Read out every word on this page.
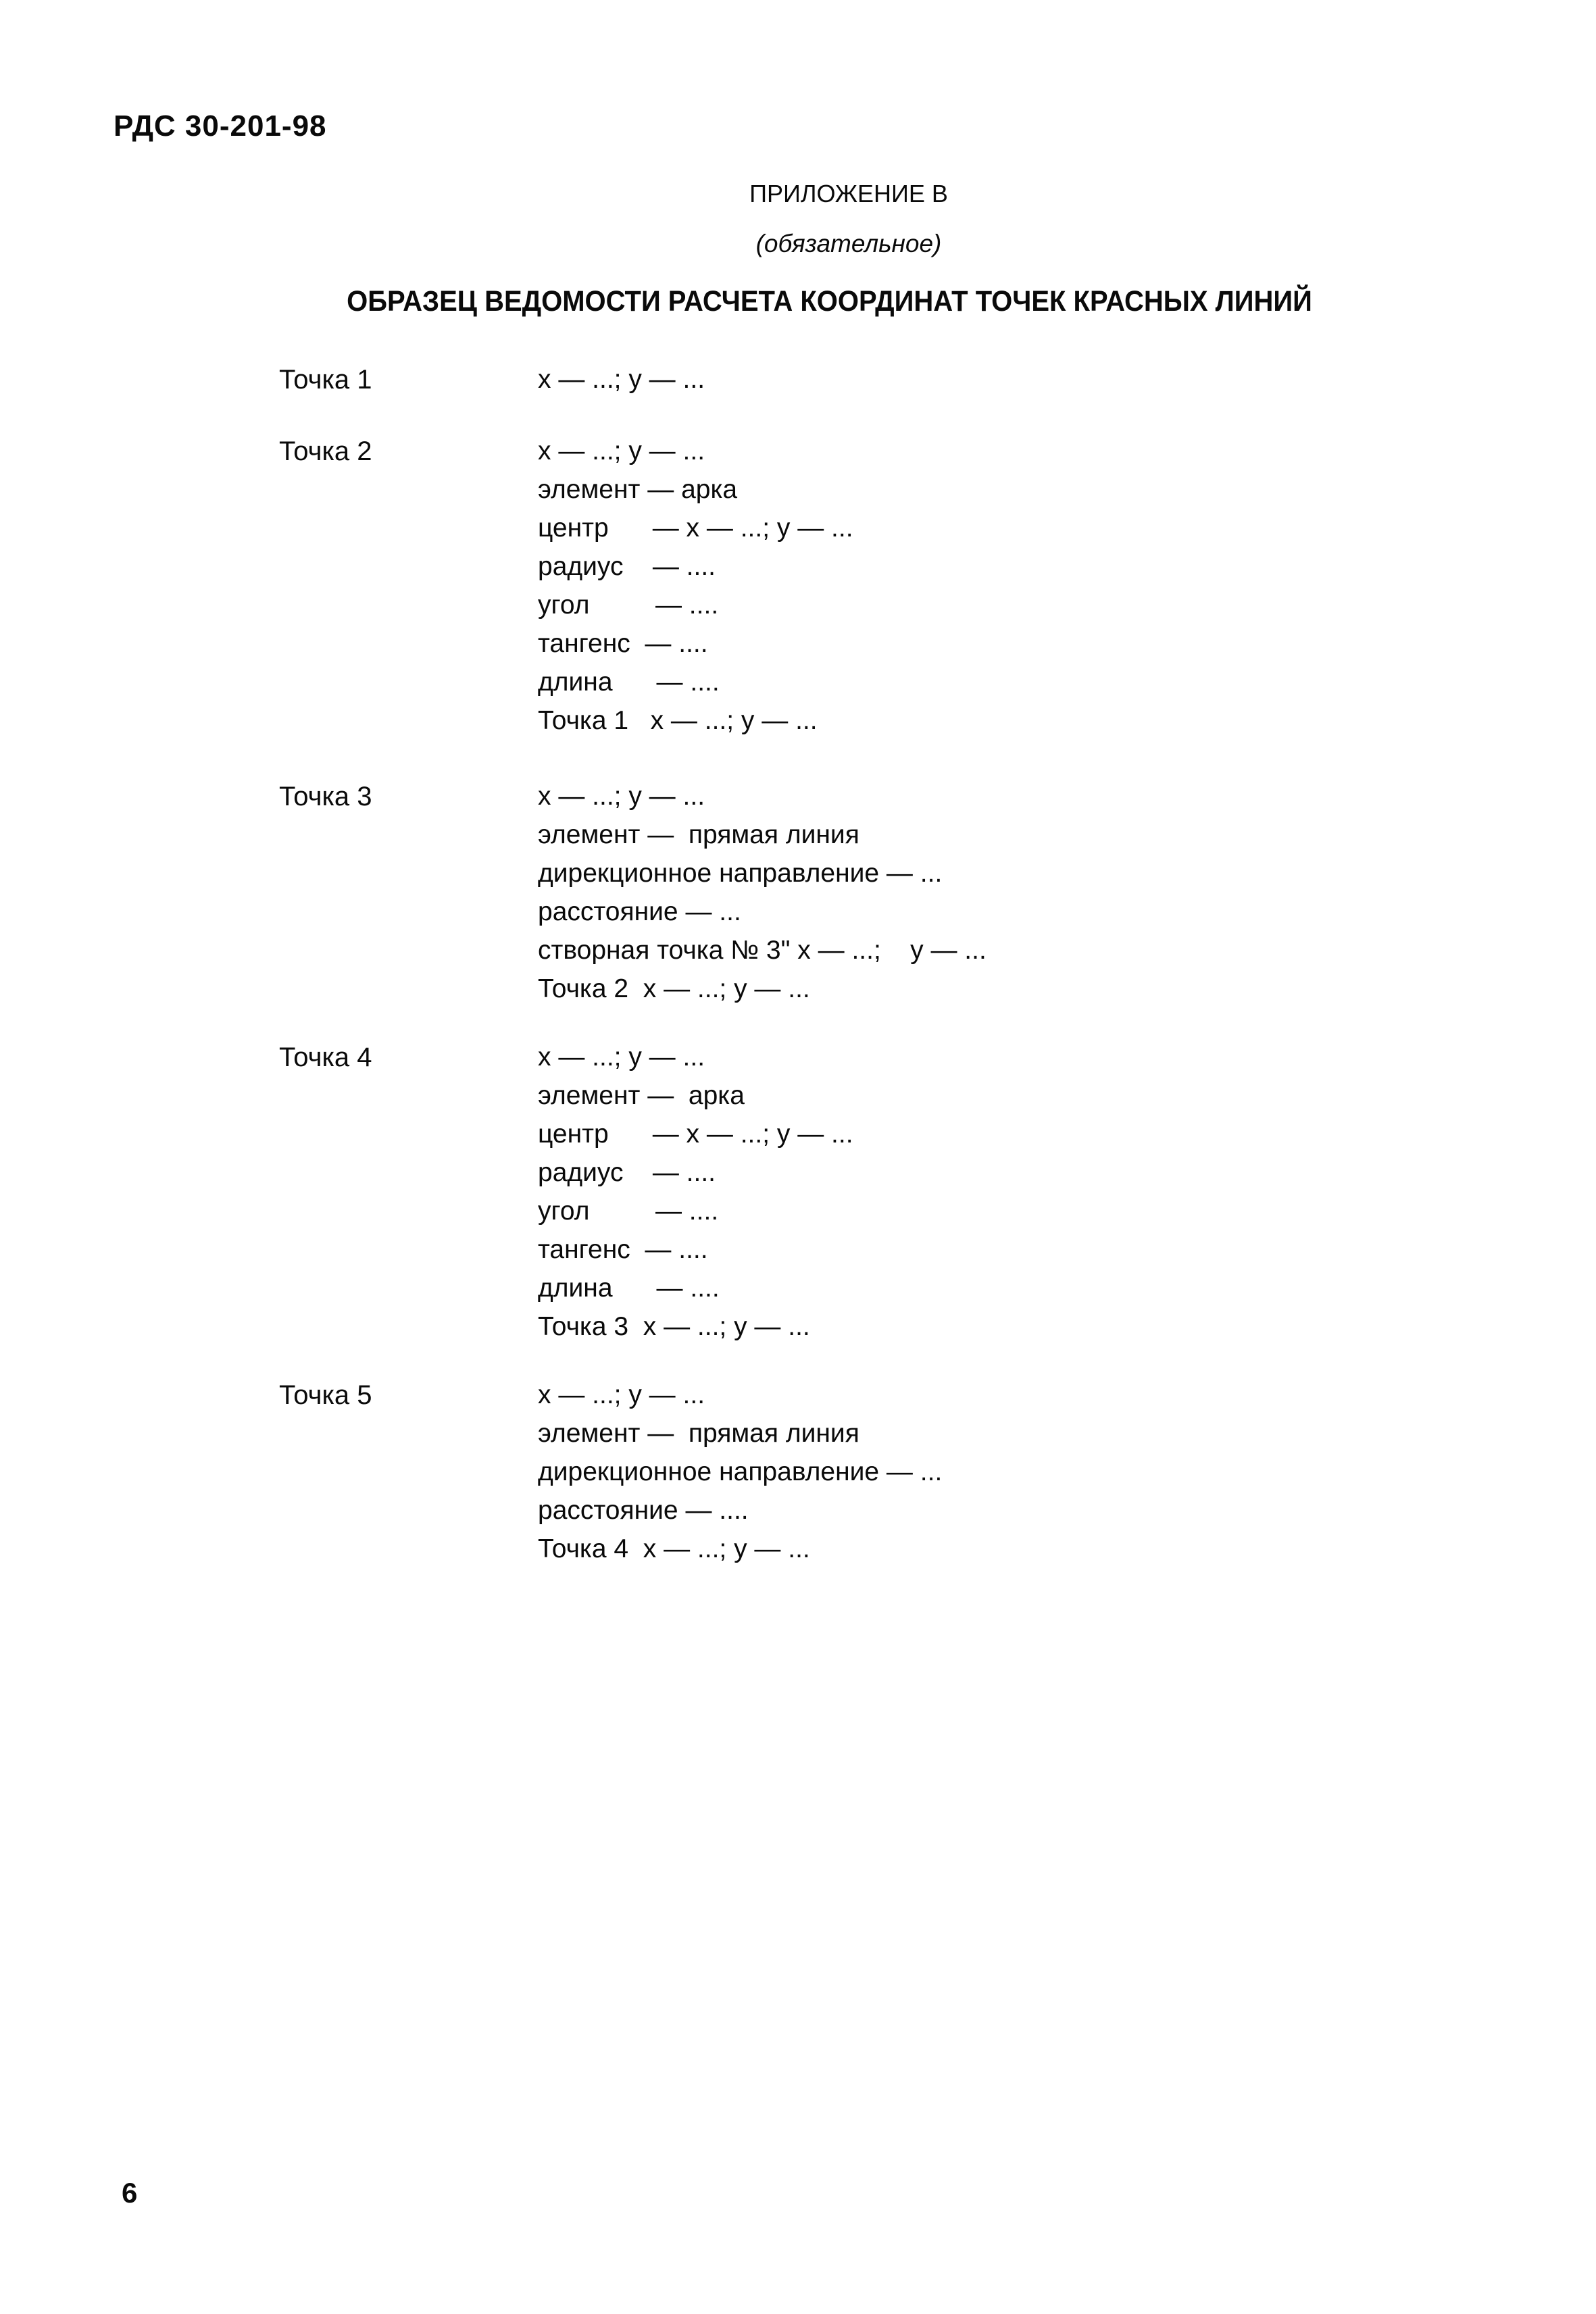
РДС 30-201-98
ПРИЛОЖЕНИЕ В
(обязательное)
ОБРАЗЕЦ ВЕДОМОСТИ РАСЧЕТА КООРДИНАТ ТОЧЕК КРАСНЫХ ЛИНИЙ
Точка 1	x — ...; y — ...
Точка 2	x — ...; y — ...
элемент — арка
центр      — x — ...; y — ...
радиус    — ....
угол         — ....
тангенс  — ....
длина      — ....
Точка 1   x — ...; y — ...
Точка 3	x — ...; y — ...
элемент —  прямая линия
дирекционное направление — ...
расстояние — ...
створная точка № 3" x — ...;    y — ...
Точка 2  x — ...; y — ...
Точка 4	x — ...; y — ...
элемент —  арка
центр      — x — ...; y — ...
радиус    — ....
угол         — ....
тангенс  — ....
длина      — ....
Точка 3  x — ...; y — ...
Точка 5	x — ...; y — ...
элемент —  прямая линия
дирекционное направление — ...
расстояние — ....
Точка 4  x — ...; y — ...
6
